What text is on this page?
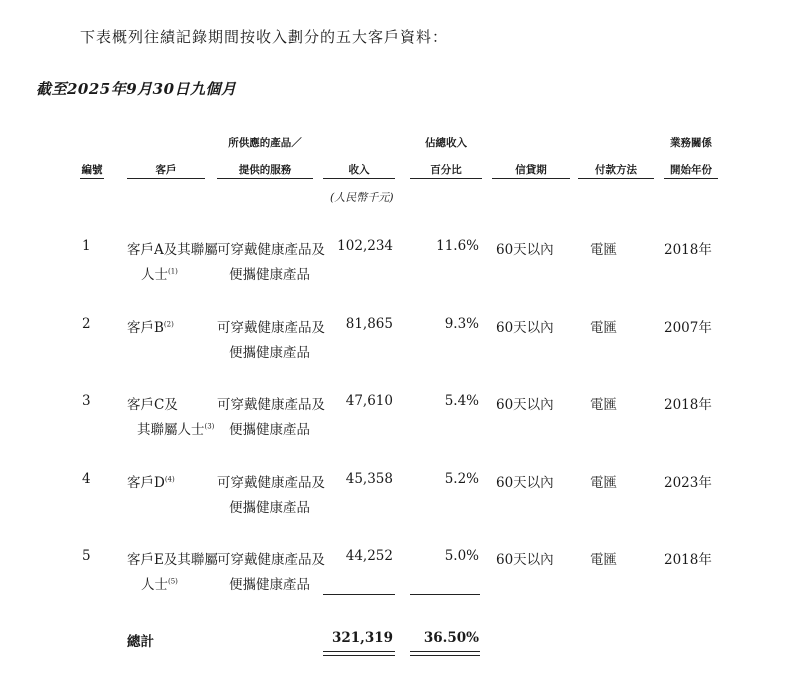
下表概列往績記錄期間按收入劃分的五大客戶資料：
截至2025年9月30日九個月
編號	客戶
所供應的產品／
提供的服務	收入
佔總收入
百分比	信貸期	付款方法
業務關係
開始年份
(人民幣千元)
1	客戶A及其聯屬
人士$^{(1)}$
可穿戴健康產品及
便攜健康產品
102,234	11.6% 60天以內	電匯	2018年
2	客戶$B^{(2)}$	可穿戴健康產品及
便攜健康產品
81,865	9.3% 60天以內	電匯	2007年
3	客戶C及
其聯屬人士$^{(3)}$
可穿戴健康產品及
便攜健康產品
47,610	5.4% 60天以內	電匯	2018年
4	客戶$D^{(4)}$	可穿戴健康產品及
便攜健康產品
45,358	5.2% 60天以內	電匯	2023年
5	客戶E及其聯屬
人士$^{(5)}$
可穿戴健康產品及
便攜健康產品
44,252	5.0% 60天以內	電匯	2018年
總計	321,319	36.50%
